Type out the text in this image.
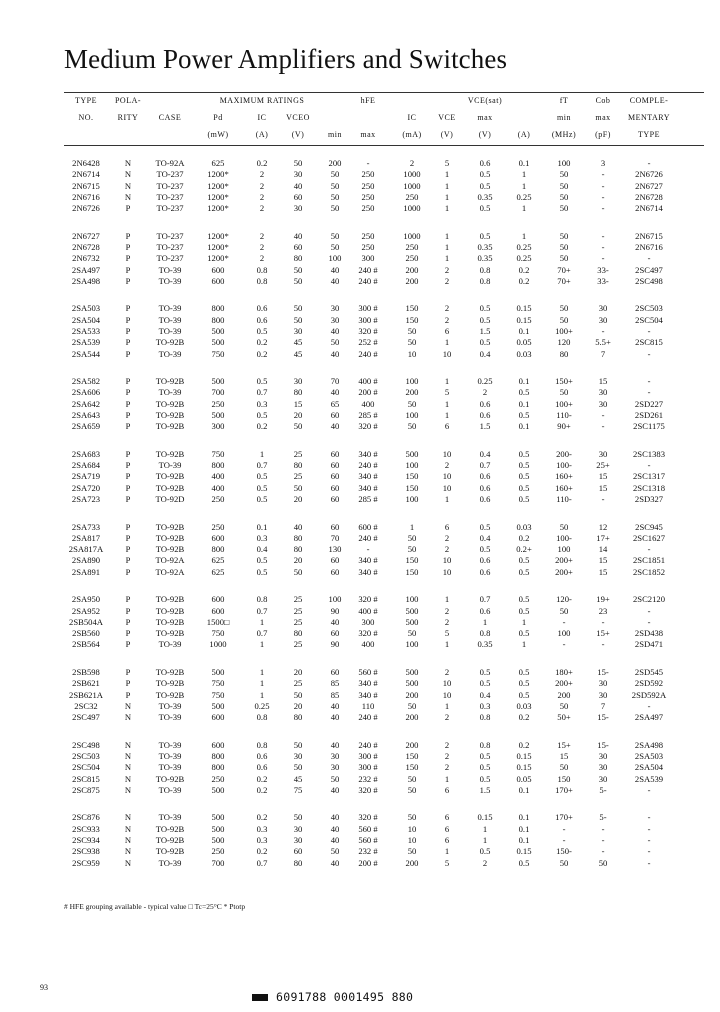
Medium Power Amplifiers and Switches
TYPE POLA-	MAXIMUM RATINGS	hFE	VCE(sat)	fT	Cob COMPLE-
NO.	RITY	CASE	Pd	IC VCEO	IC	VCE	max	min	max MENTARY
(mW)	(A)	(V)	min max	(mA) (V)	(V)	(A)	(MHz) (pF)	TYPE
2N6428	N	TO-92A	625	0.2	50	200	-	2	5	0.6	0.1	100	3	-
2N6714	N	TO-237	1200*	2	30	50	250	1000	1	0.5	1	50	-	2N6726
2N6715	N	TO-237	1200*	2	40	50	250	1000	1	0.5	1	50	-	2N6727
2N6716	N	TO-237	1200*	2	60	50	250	250	1	0.35	0.25	50	-	2N6728
2N6726	P	TO-237	1200*	2	30	50	250	1000	1	0.5	1	50	-	2N6714
2N6727	P	TO-237	1200*	2	40	50	250	1000	1	0.5	1	50	-	2N6715
2N6728	P	TO-237	1200*	2	60	50	250	250	1	0.35	0.25	50	-	2N6716
2N6732	P	TO-237	1200*	2	80	100 300	250	1	0.35	0.25	50	-	-
2SA497	P	TO-39	600	0.8	50	40 240 #	200	2	0.8	0.2	70+	33-	2SC497
2SA498	P	TO-39	600	0.8	50	40 240 #	200	2	0.8	0.2	70+	33-	2SC498
2SA503	P	TO-39	800	0.6	50	30 300 #	150	2	0.5	0.15	50	30	2SC503
2SA504	P	TO-39	800	0.6	50	30 300 #	150	2	0.5	0.15	50	30	2SC504
2SA533	P	TO-39	500	0.5	30	40 320 #	50	6	1.5	0.1	100+	-	-
2SA539	P	TO-92B	500	0.2	45	50 252 #	50	1	0.5	0.05	120	5.5+	2SC815
2SA544	P	TO-39	750	0.2	45	40 240 #	10	10	0.4	0.03	80	7	-
2SA582	P	TO-92B	500	0.5	30	70 400 #	100	1	0.25	0.1	150+	15	-
2SA606	P	TO-39	700	0.7	80	40 200 #	200	5	2	0.5	50	30	-
2SA642	P	TO-92B	250	0.3	15	65	400	50	1	0.6	0.1	100+	30	2SD227
2SA643	P	TO-92B	500	0.5	20	60 285 #	100	1	0.6	0.5	110-	-	2SD261
2SA659	P	TO-92B	300	0.2	50	40 320 #	50	6	1.5	0.1	90+	-	2SC1175
2SA683	P	TO-92B	750	1	25	60 340 #	500	10	0.4	0.5	200-	30	2SC1383
2SA684	P	TO-39	800	0.7	80	60 240 #	100	2	0.7	0.5	100-	25+	-
2SA719	P	TO-92B	400	0.5	25	60 340 #	150	10	0.6	0.5	160+	15	2SC1317
2SA720	P	TO-92B	400	0.5	50	60 340 #	150	10	0.6	0.5	160+	15	2SC1318
2SA723	P	TO-92D	250	0.5	20	60 285 #	100	1	0.6	0.5	110-	-	2SD327
2SA733	P	TO-92B	250	0.1	40	60 600 #	1	6	0.5	0.03	50	12	2SC945
2SA817	P	TO-92B	600	0.3	80	70 240 #	50	2	0.4	0.2	100-	17+	2SC1627
2SA817A	P	TO-92B	800	0.4	80	130	-	50	2	0.5	0.2+	100	14	-
2SA890	P	TO-92A	625	0.5	20	60 340 #	150	10	0.6	0.5	200+	15	2SC1851
2SA891	P	TO-92A	625	0.5	50	60 340 #	150	10	0.6	0.5	200+	15	2SC1852
2SA950	P	TO-92B	600	0.8	25	100 320 #	100	1	0.7	0.5	120-	19+	2SC2120
2SA952	P	TO-92B	600	0.7	25	90 400 #	500	2	0.6	0.5	50	23	-
2SB504A	P	TO-92B	1500□	1	25	40	300	500	2	1	1	-	-	-
2SB560	P	TO-92B	750	0.7	80	60 320 #	50	5	0.8	0.5	100	15+	2SD438
2SB564	P	TO-39	1000	1	25	90	400	100	1	0.35	1	-	-	2SD471
2SB598	P	TO-92B	500	1	20	60 560 #	500	2	0.5	0.5	180+	15-	2SD545
2SB621	P	TO-92B	750	1	25	85 340 #	500	10	0.5	0.5	200+	30	2SD592
2SB621A	P	TO-92B	750	1	50	85 340 #	200	10	0.4	0.5	200	30	2SD592A
2SC32	N	TO-39	500	0.25	20	40	110	50	1	0.3	0.03	50	7	-
2SC497	N	TO-39	600	0.8	80	40 240 #	200	2	0.8	0.2	50+	15-	2SA497
2SC498	N	TO-39	600	0.8	50	40 240 #	200	2	0.8	0.2	15+	15-	2SA498
2SC503	N	TO-39	800	0.6	30	30 300 #	150	2	0.5	0.15	15	30	2SA503
2SC504	N	TO-39	800	0.6	50	30 300 #	150	2	0.5	0.15	50	30	2SA504
2SC815	N	TO-92B	250	0.2	45	50 232 #	50	1	0.5	0.05	150	30	2SA539
2SC875	N	TO-39	500	0.2	75	40 320 #	50	6	1.5	0.1	170+	5-	-
2SC876	N	TO-39	500	0.2	50	40 320 #	50	6	0.15	0.1	170+	5-	-
2SC933	N	TO-92B	500	0.3	30	40 560 #	10	6	1	0.1	-	-	-
2SC934	N	TO-92B	500	0.3	30	40 560 #	10	6	1	0.1	-	-	-
2SC938	N	TO-92B	250	0.2	60	50 232 #	50	1	0.5	0.15	150-	-	-
2SC959	N	TO-39	700	0.7	80	40 200 #	200	5	2	0.5	50	50	-
# HFE grouping available - typical value □ Tc=25°C * Ptotp
93
6091788 0001495 880
